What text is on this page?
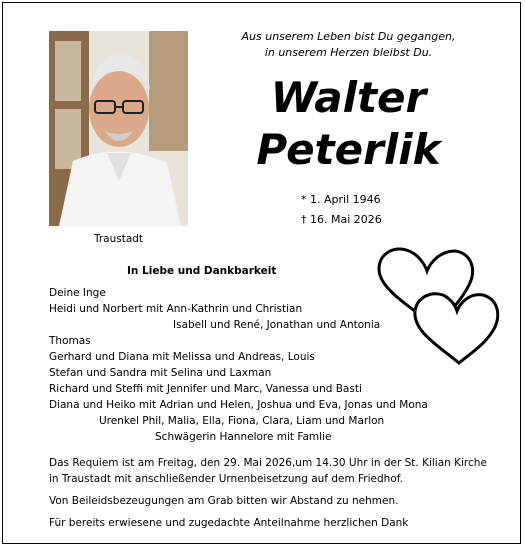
Traustadt
Aus unserem Leben bist Du gegangen,
in unserem Herzen bleibst Du.
Walter
Peterlik
* 1. April 1946
† 16. Mai 2026
In Liebe und Dankbarkeit
Deine Inge
Heidi und Norbert mit Ann-Kathrin und Christian
Isabell und René, Jonathan und Antonia
Thomas
Gerhard und Diana mit Melissa und Andreas, Louis
Stefan und Sandra mit Selina und Laxman
Richard und Steffi mit Jennifer und Marc, Vanessa und Basti
Diana und Heiko mit Adrian und Helen, Joshua und Eva, Jonas und Mona
Urenkel Phil, Malia, Ella, Fiona, Clara, Liam und Marlon
Schwägerin Hannelore mit Famlie
Das Requiem ist am Freitag, den 29. Mai 2026,um 14.30 Uhr in der St. Kilian Kirche
in Traustadt mit anschließender Urnenbeisetzung auf dem Friedhof.
Von Beileidsbezeugungen am Grab bitten wir Abstand zu nehmen.
Für bereits erwiesene und zugedachte Anteilnahme herzlichen Dank
